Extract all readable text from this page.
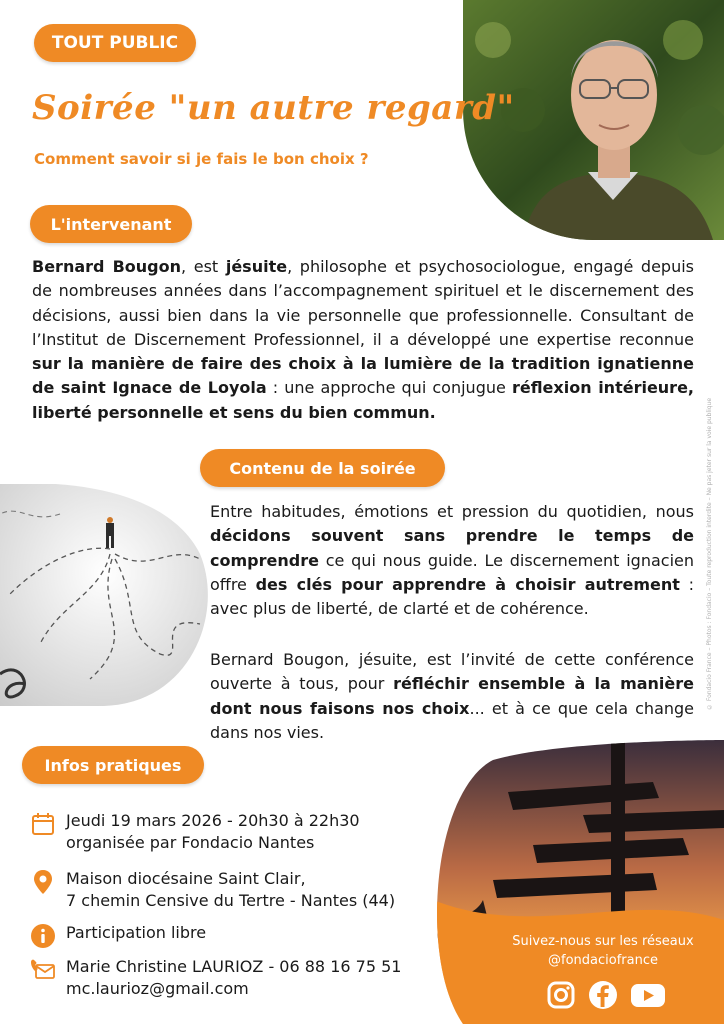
TOUT PUBLIC
Soirée "un autre regard"
Comment savoir si je fais le bon choix ?
L'intervenant

Bernard Bougon, est jésuite, philosophe et psychosociologue, engagé depuis de nombreuses années dans l’accompagnement spirituel et le discernement des décisions, aussi bien dans la vie personnelle que professionnelle. Consultant de l’Institut de Discernement Professionnel, il a développé une expertise reconnue sur la manière de faire des choix à la lumière de la tradition ignatienne de saint Ignace de Loyola : une approche qui conjugue réflexion intérieure, liberté personnelle et sens du bien commun.

Contenu de la soirée

Entre habitudes, émotions et pression du quotidien, nous décidons souvent sans prendre le temps de comprendre ce qui nous guide. Le discernement ignacien offre des clés pour apprendre à choisir autrement : avec plus de liberté, de clarté et de cohérence.

Bernard Bougon, jésuite, est l’invité de cette conférence ouverte à tous, pour réfléchir ensemble à la manière dont nous faisons nos choix... et à ce que cela change dans nos vies.

Infos pratiques
Suivez-nous sur les réseaux
@fondaciofrance
Jeudi 19 mars 2026 - 20h30 à 22h30
organisée par Fondacio Nantes
Maison diocésaine Saint Clair,
7 chemin Censive du Tertre - Nantes (44)
Participation libre
Marie Christine LAURIOZ - 06 88 16 75 51
mc.laurioz@gmail.com
© Fondacio France – Photos : Fondacio – Toute reproduction interdite – Ne pas jeter sur la voie publique
